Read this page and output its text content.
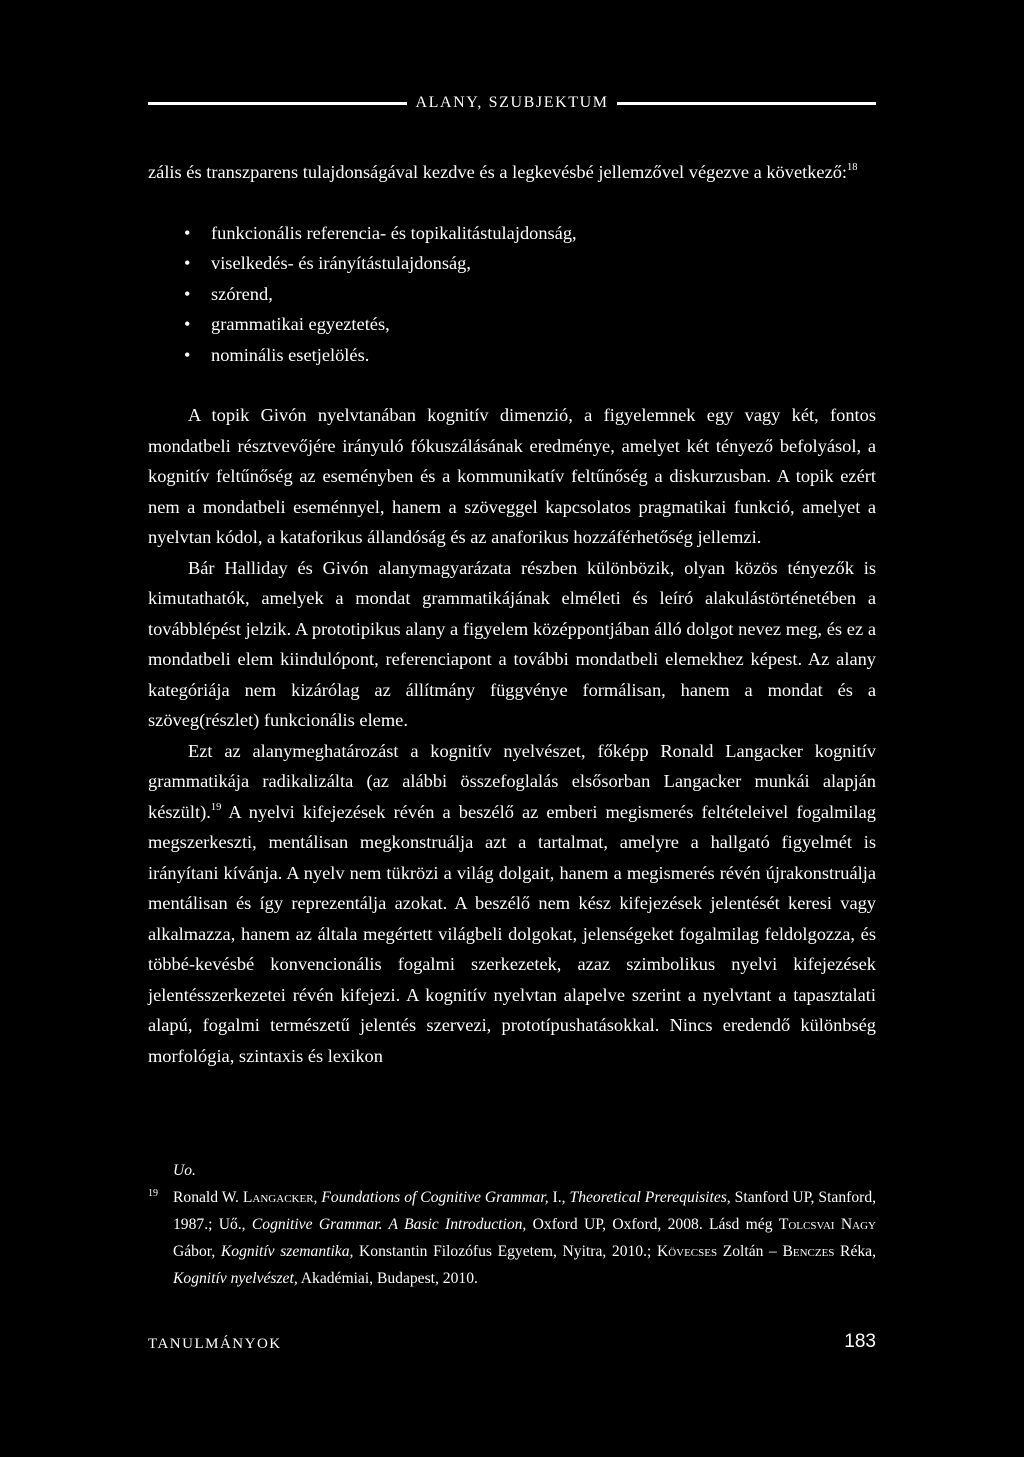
ALANY, SZUBJEKTUM

zális és transzparens tulajdonságával kezdve és a legkevésbé jellemzővel végezve a következő:$^{18}$

• funkcionális referencia- és topikalitástulajdonság,
• viselkedés- és irányítástulajdonság,
• szórend,
• grammatikai egyeztetés,
• nominális esetjelölés.

A topik Givón nyelvtanában kognitív dimenzió, a figyelemnek egy vagy két, fontos mondatbeli résztvevőjére irányuló fókuszálásának eredménye, amelyet két tényező befolyásol, a kognitív feltűnőség az eseményben és a kommunikatív feltűnőség a diskurzusban. A topik ezért nem a mondatbeli eseménnyel, hanem a szöveggel kapcsolatos pragmatikai funkció, amelyet a nyelvtan kódol, a kataforikus állandóság és az anaforikus hozzáférhetőség jellemzi.

Bár Halliday és Givón alanymagyarázata részben különbözik, olyan közös tényezők is kimutathatók, amelyek a mondat grammatikájának elméleti és leíró alakulástörténetében a továbblépést jelzik. A prototipikus alany a figyelem középpontjában álló dolgot nevez meg, és ez a mondatbeli elem kiindulópont, referenciapont a további mondatbeli elemekhez képest. Az alany kategóriája nem kizárólag az állítmány függvénye formálisan, hanem a mondat és a szöveg(részlet) funkcionális eleme.

Ezt az alanymeghatározást a kognitív nyelvészet, főképp Ronald Langacker kognitív grammatikája radikalizálta (az alábbi összefoglalás elsősorban Langacker munkái alapján készült).$^{19}$ A nyelvi kifejezések révén a beszélő az emberi megismerés feltételeivel fogalmilag megszerkeszti, mentálisan megkonstruálja azt a tartalmat, amelyre a hallgató figyelmét is irányítani kívánja. A nyelv nem tükrözi a világ dolgait, hanem a megismerés révén újrakonstruálja mentálisan és így reprezentálja azokat. A beszélő nem kész kifejezések jelentését keresi vagy alkalmazza, hanem az általa megértett világbeli dolgokat, jelenségeket fogalmilag feldolgozza, és többé-kevésbé konvencionális fogalmi szerkezetek, azaz szimbolikus nyelvi kifejezések jelentésszerkezetei révén kifejezi. A kognitív nyelvtan alapelve szerint a nyelvtant a tapasztalati alapú, fogalmi természetű jelentés szervezi, prototípushatásokkal. Nincs eredendő különbség morfológia, szintaxis és lexikon

Uo.
19 Ronald W. Langacker, Foundations of Cognitive Grammar, I., Theoretical Prerequisites, Stanford UP, Stanford, 1987.; Uő., Cognitive Grammar. A Basic Introduction, Oxford UP, Oxford, 2008. Lásd még Tolcsvai Nagy Gábor, Kognitív szemantika, Konstantin Filozófus Egyetem, Nyitra, 2010.; Kövecses Zoltán – Benczes Réka, Kognitív nyelvészet, Akadémiai, Budapest, 2010.
TANULMÁNYOK	183
